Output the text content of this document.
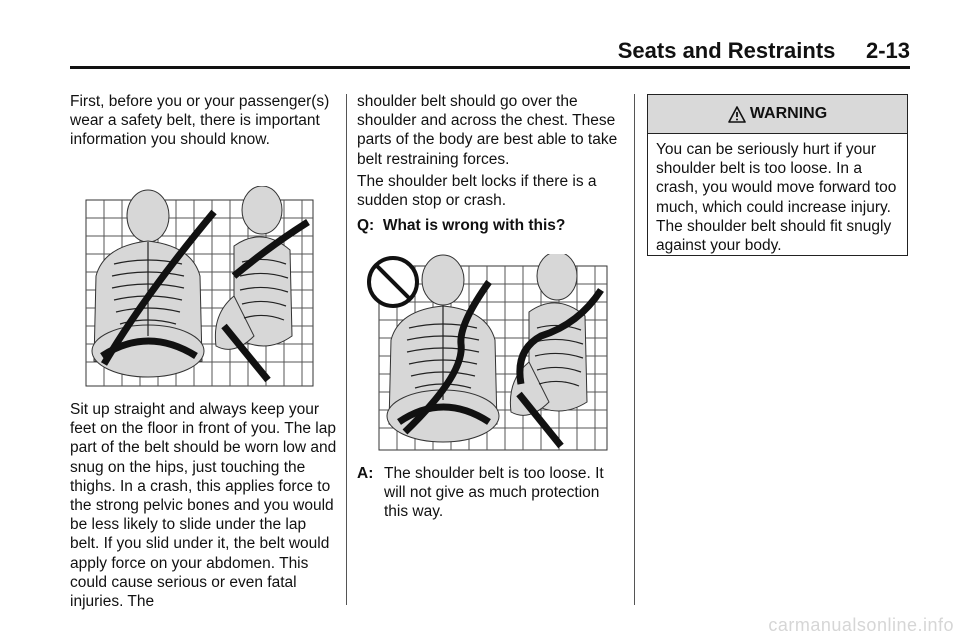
Seats and Restraints 2-13

First, before you or your passenger(s) wear a safety belt, there is important information you should know.

Sit up straight and always keep your feet on the floor in front of you. The lap part of the belt should be worn low and snug on the hips, just touching the thighs. In a crash, this applies force to the strong pelvic bones and you would be less likely to slide under the lap belt. If you slid under it, the belt would apply force on your abdomen. This could cause serious or even fatal injuries. The

shoulder belt should go over the shoulder and across the chest. These parts of the body are best able to take belt restraining forces.

The shoulder belt locks if there is a sudden stop or crash.

Q:  What is wrong with this?
A: The shoulder belt is too loose. It will not give as much protection this way.
WARNING
You can be seriously hurt if your shoulder belt is too loose. In a crash, you would move forward too much, which could increase injury. The shoulder belt should fit snugly against your body.
carmanualsonline.info
